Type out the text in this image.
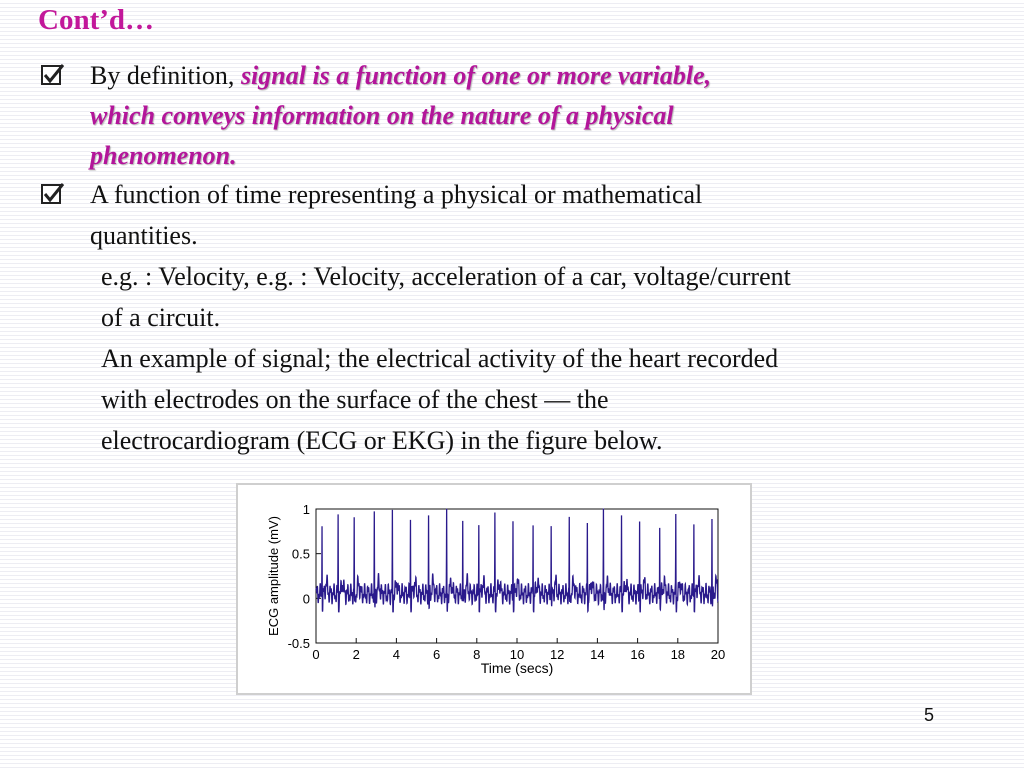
Cont’d…
By definition, signal is a function of one or more variable,
which conveys information on the nature of a physical
phenomenon.
A function of time representing a physical or mathematical
quantities.
e.g. : Velocity, e.g. : Velocity, acceleration of a car, voltage/current
of a circuit.
An example of signal; the electrical activity of the heart recorded
with electrodes on the surface of the chest — the
electrocardiogram (ECG or EKG) in the figure below.
1
0.5
0
-0.5
0	2	4	6	8 10 12 14 16 18 20
ECG amplitude (mV)
Time (secs)
5
